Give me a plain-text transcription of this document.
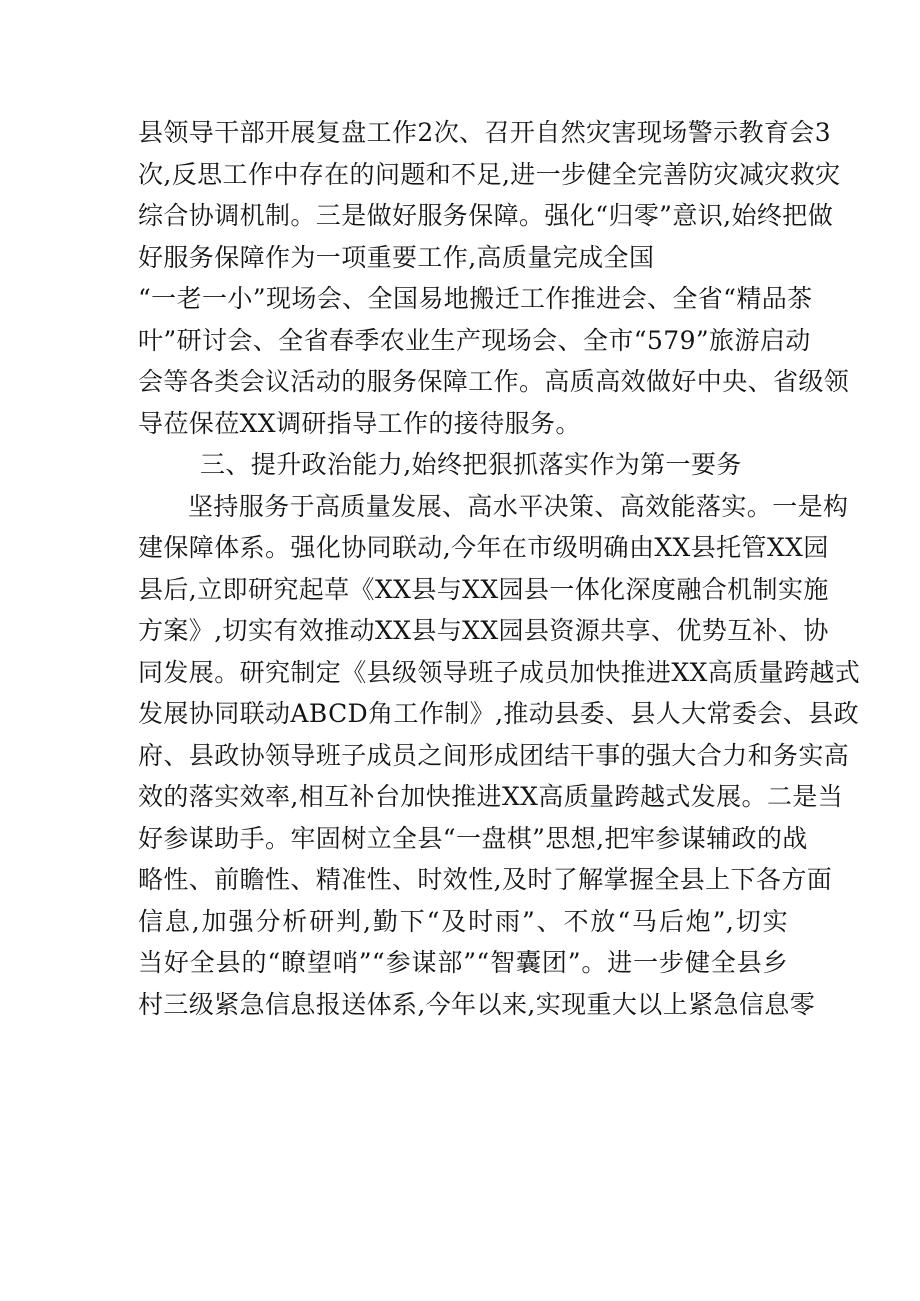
县领导干部开展复盘工作2次、召开自然灾害现场警示教育会3
次,反思工作中存在的问题和不足,进一步健全完善防灾减灾救灾
综合协调机制。三是做好服务保障。强化“归零”意识,始终把做
好服务保障作为一项重要工作,高质量完成全国
“一老一小”现场会、全国易地搬迁工作推进会、全省“精品茶
叶”研讨会、全省春季农业生产现场会、全市“579”旅游启动
会等各类会议活动的服务保障工作。高质高效做好中央、省级领
导莅保莅XX调研指导工作的接待服务。
三、提升政治能力,始终把狠抓落实作为第一要务
坚持服务于高质量发展、高水平决策、高效能落实。一是构
建保障体系。强化协同联动,今年在市级明确由XX县托管XX园
县后,立即研究起草《XX县与XX园县一体化深度融合机制实施
方案》,切实有效推动XX县与XX园县资源共享、优势互补、协
同发展。研究制定《县级领导班子成员加快推进XX高质量跨越式
发展协同联动ABCD角工作制》,推动县委、县人大常委会、县政
府、县政协领导班子成员之间形成团结干事的强大合力和务实高
效的落实效率,相互补台加快推进XX高质量跨越式发展。二是当
好参谋助手。牢固树立全县“一盘棋”思想,把牢参谋辅政的战
略性、前瞻性、精准性、时效性,及时了解掌握全县上下各方面
信息,加强分析研判,勤下“及时雨”、不放“马后炮”,切实
当好全县的“瞭望哨”“参谋部”“智囊团”。进一步健全县乡
村三级紧急信息报送体系,今年以来,实现重大以上紧急信息零
